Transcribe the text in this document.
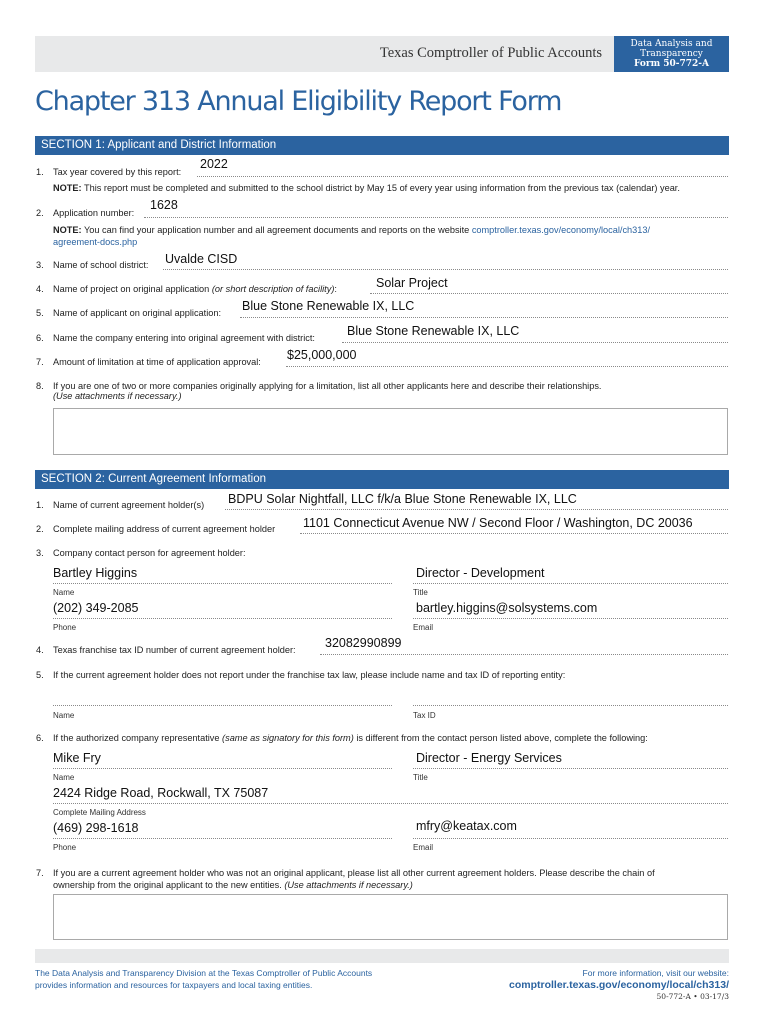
Texas Comptroller of Public Accounts
Data Analysis and
Transparency
Form 50-772-A
Chapter 313 Annual Eligibility Report Form
SECTION 1: Applicant and District Information
1. Tax year covered by this report:
2022
NOTE: This report must be completed and submitted to the school district by May 15 of every year using information from the previous tax (calendar) year.
2. Application number:
1628
NOTE: You can find your application number and all agreement documents and reports on the website comptroller.texas.gov/economy/local/ch313/
agreement-docs.php
3. Name of school district: Uvalde CISD
4. Name of project on original application (or short description of facility):	Solar Project
5. Name of applicant on original application: Blue Stone Renewable IX, LLC
6. Name the company entering into original agreement with district:	Blue Stone Renewable IX, LLC
7. Amount of limitation at time of application approval: $25,000,000
8. If you are one of two or more companies originally applying for a limitation, list all other applicants here and describe their relationships.
(Use attachments if necessary.)
SECTION 2: Current Agreement Information
1. Name of current agreement holder(s) BDPU Solar Nightfall, LLC f/k/a Blue Stone Renewable IX, LLC
2. Complete mailing address of current agreement holder 1101 Connecticut Avenue NW / Second Floor / Washington, DC 20036
3. Company contact person for agreement holder:
Bartley Higgins
Name
Director - Development
Title
(202) 349-2085
Phone
bartley.higgins@solsystems.com
Email
4. Texas franchise tax ID number of current agreement holder: 32082990899
5. If the current agreement holder does not report under the franchise tax law, please include name and tax ID of reporting entity:
Name	Tax ID
6. If the authorized company representative (same as signatory for this form) is different from the contact person listed above, complete the following:
Mike Fry
Name
Director - Energy Services
Title
2424 Ridge Road, Rockwall, TX 75087
Complete Mailing Address
(469) 298-1618
Phone
mfry@keatax.com
Email
7. If you are a current agreement holder who was not an original applicant, please list all other current agreement holders. Please describe the chain of
ownership from the original applicant to the new entities. (Use attachments if necessary.)
The Data Analysis and Transparency Division at the Texas Comptroller of Public Accounts
provides information and resources for taxpayers and local taxing entities.
For more information, visit our website:
comptroller.texas.gov/economy/local/ch313/
50-772-A • 03-17/3
